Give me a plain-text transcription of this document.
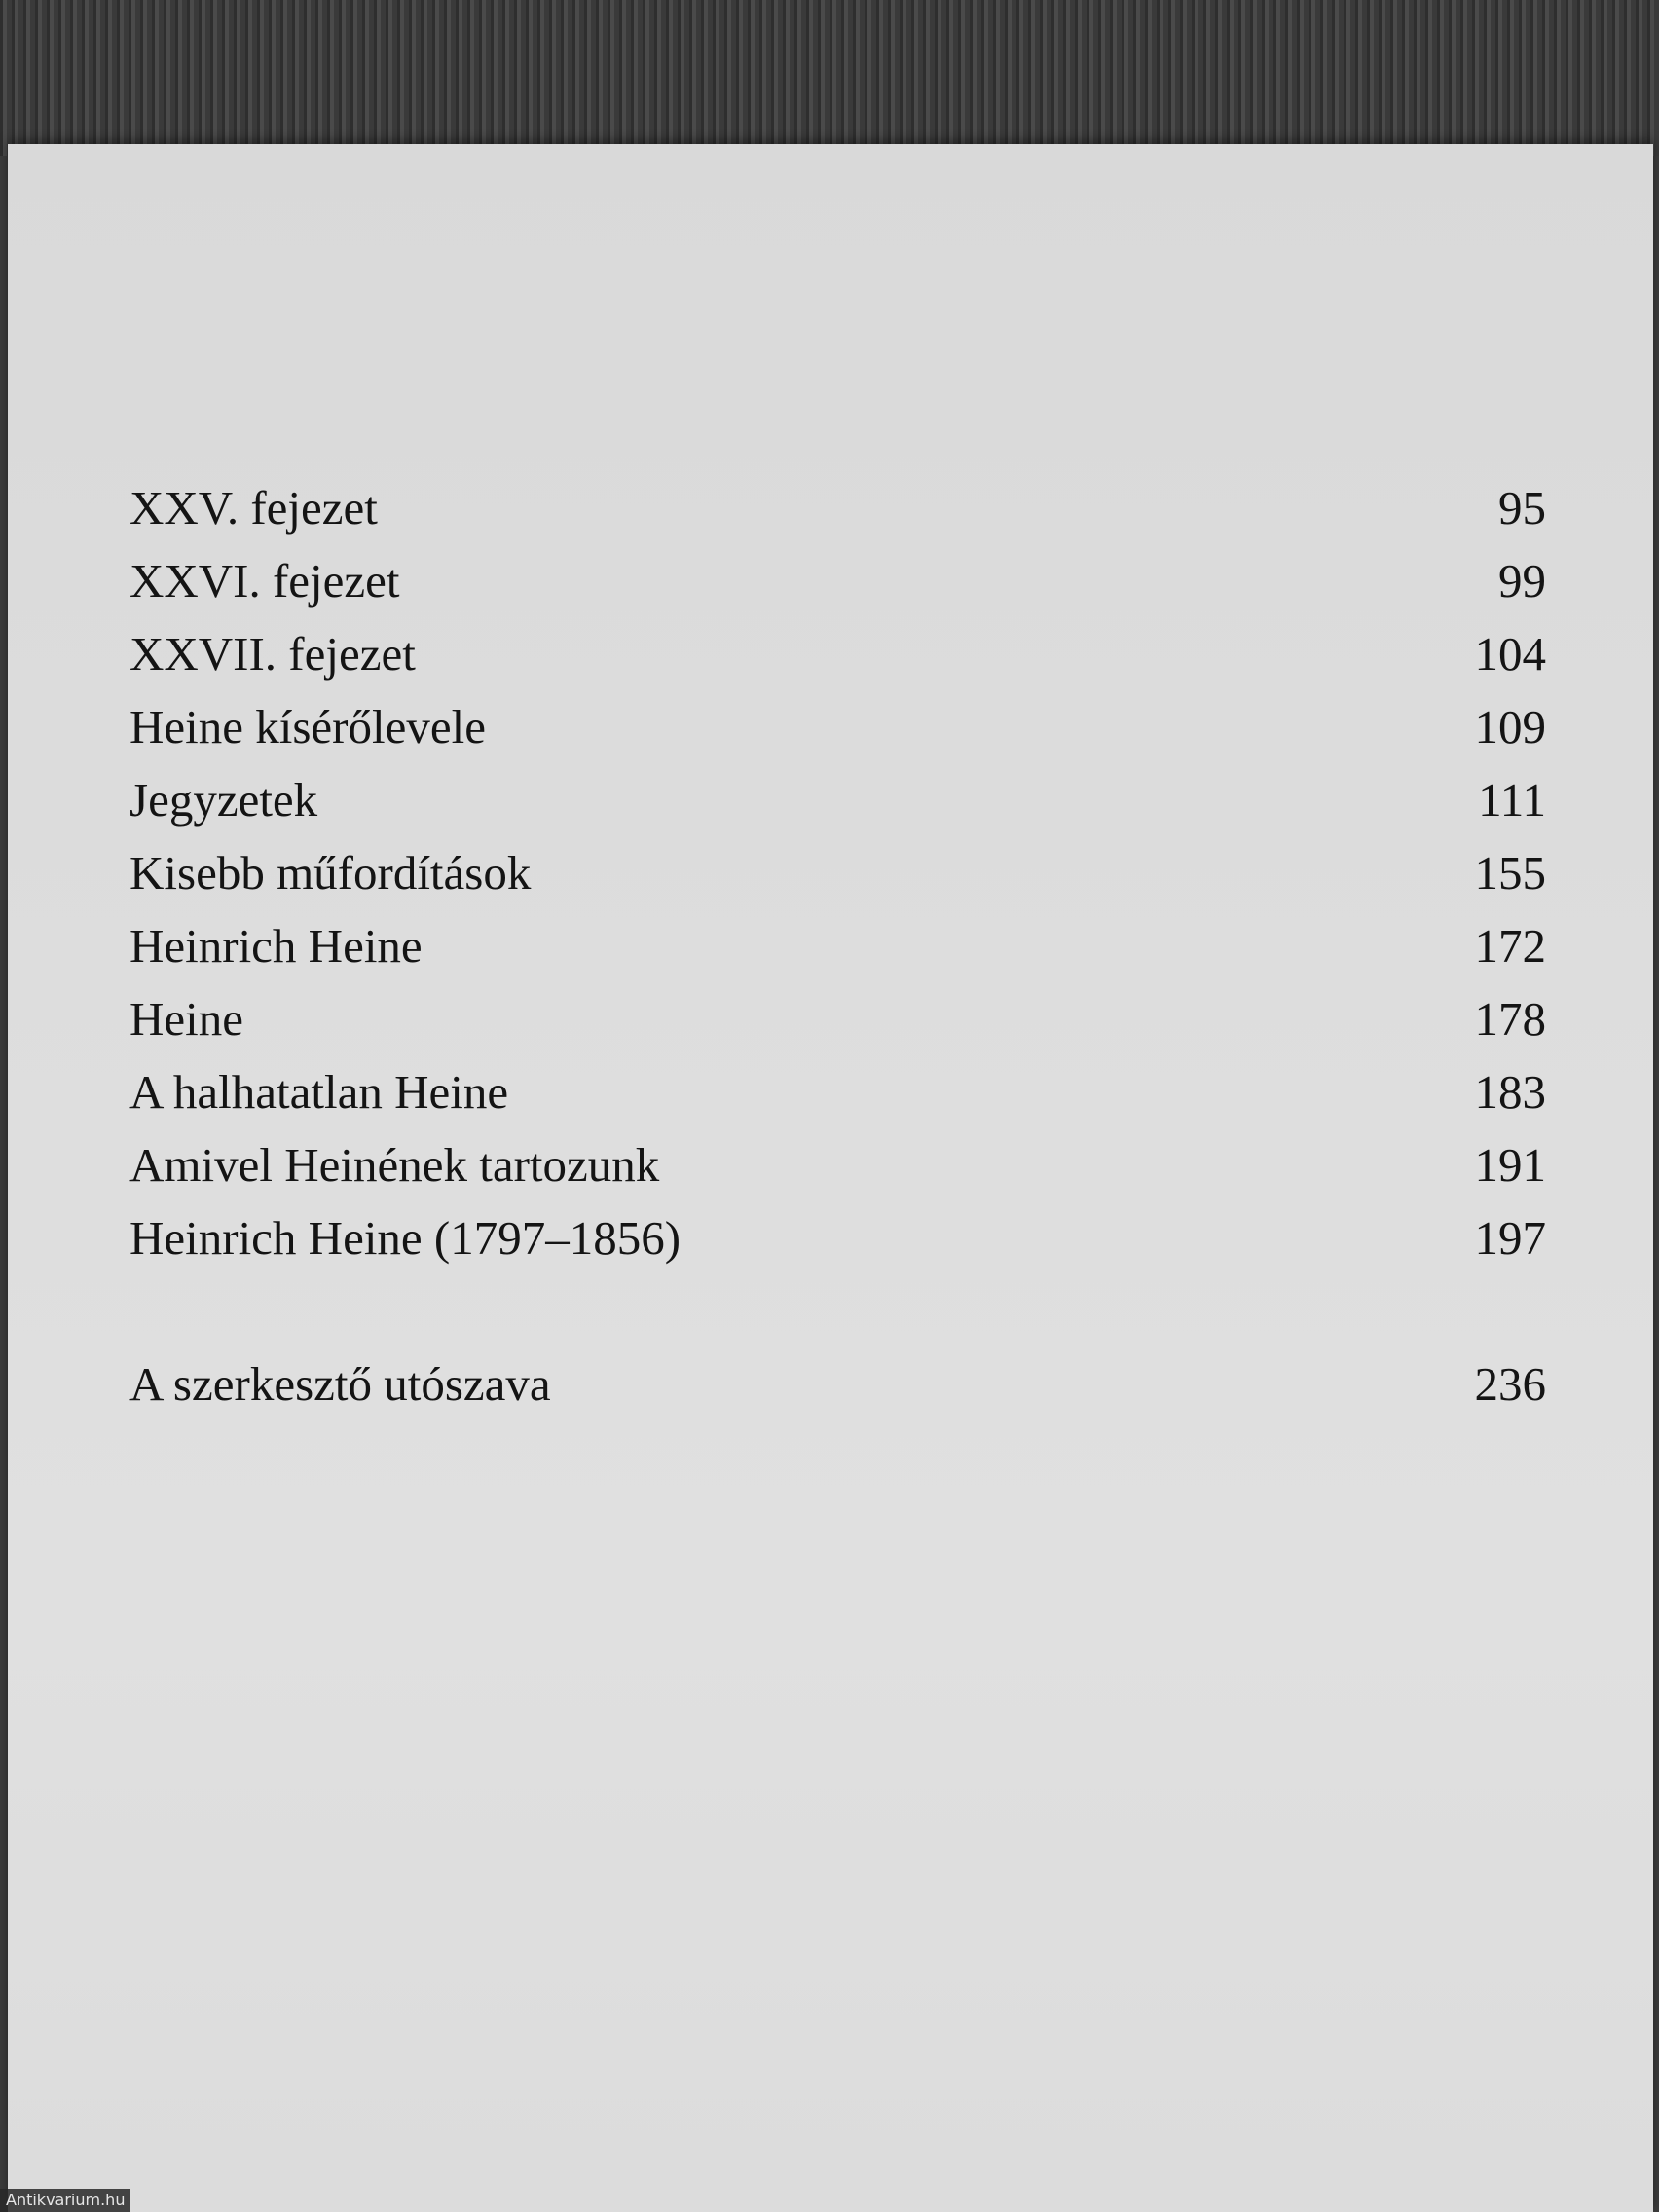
XXV. fejezet	95
XXVI. fejezet	99
XXVII. fejezet	104
Heine kísérőlevele	109
Jegyzetek	111
Kisebb műfordítások	155
Heinrich Heine	172
Heine	178
A halhatatlan Heine	183
Amivel Heinének tartozunk	191
Heinrich Heine (1797–1856)	197
A szerkesztő utószava	236
Antikvarium.hu
